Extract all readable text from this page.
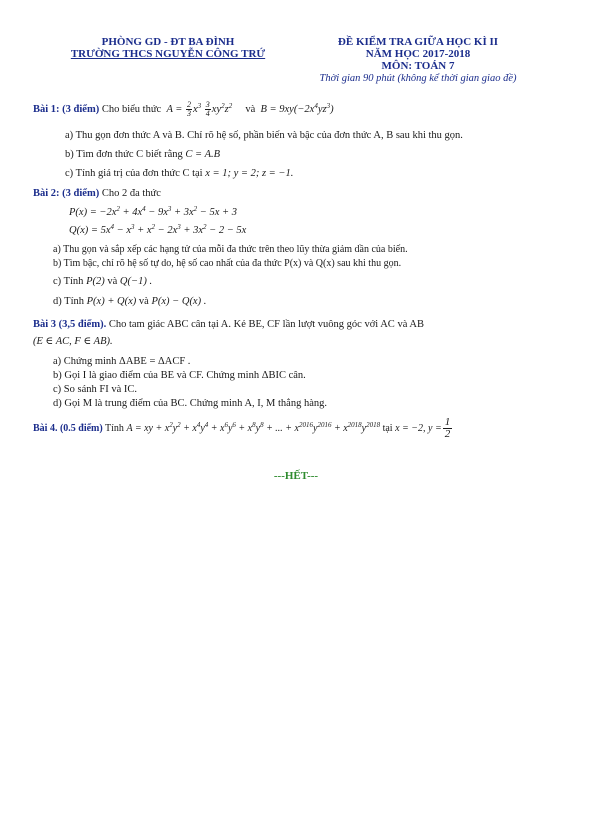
PHÒNG GD - ĐT BA ĐÌNH
TRƯỜNG THCS NGUYỄN CÔNG TRỨ
ĐỀ KIỂM TRA GIỮA HỌC KÌ II
NĂM HỌC 2017-2018
MÔN: TOÁN 7
Thời gian 90 phút (không kể thời gian giao đề)
Bài 1: (3 điểm) Cho biểu thức  $A = \frac{2}{3} x^3 \frac{3}{4} xy^2z^2$ và  $B = 9xy(-2x^4yz^3)$
a) Thu gọn đơn thức A và B. Chỉ rõ hệ số, phần biến và bậc của đơn thức A, B sau khi thu gọn.
b) Tìm đơn thức C biết rằng C = A.B
c) Tính giá trị của đơn thức C tại x = 1; y = 2; z = −1.
Bài 2: (3 điểm) Cho 2 đa thức
$P(x) = -2x^2 + 4x^4 - 9x^3 + 3x^2 - 5x + 3$
$Q(x) = 5x^4 - x^3 + x^2 - 2x^3 + 3x^2 - 2 - 5x$
a) Thu gọn và sắp xếp các hạng tử của mỗi đa thức trên theo lũy thừa giảm dần của biến.
b) Tìm bậc, chỉ rõ hệ số tự do, hệ số cao nhất của đa thức P(x) và Q(x) sau khi thu gọn.
c) Tính P(2) và Q(−1) .
d) Tính P(x) + Q(x) và P(x) − Q(x) .
Bài 3 (3,5 điểm). Cho tam giác ABC cân tại A. Kẻ BE, CF lần lượt vuông góc với AC và AB
(E ∈ AC, F ∈ AB).
a) Chứng minh ΔABE = ΔACF .
b) Gọi I là giao điểm của BE và CF. Chứng minh ΔBIC cân.
c) So sánh FI và IC.
d) Gọi M là trung điểm của BC. Chứng minh A, I, M thẳng hàng.
Bài 4. (0.5 điểm) Tính A = xy + $x^2y^2 + x^4y^4 + x^6y^6 + x^8y^8$ + ... + $x^{2016}y^{2016} + x^{2018}y^{2018}$ tại x = −2, $y = \frac{1}{2}$
---HẾT---
